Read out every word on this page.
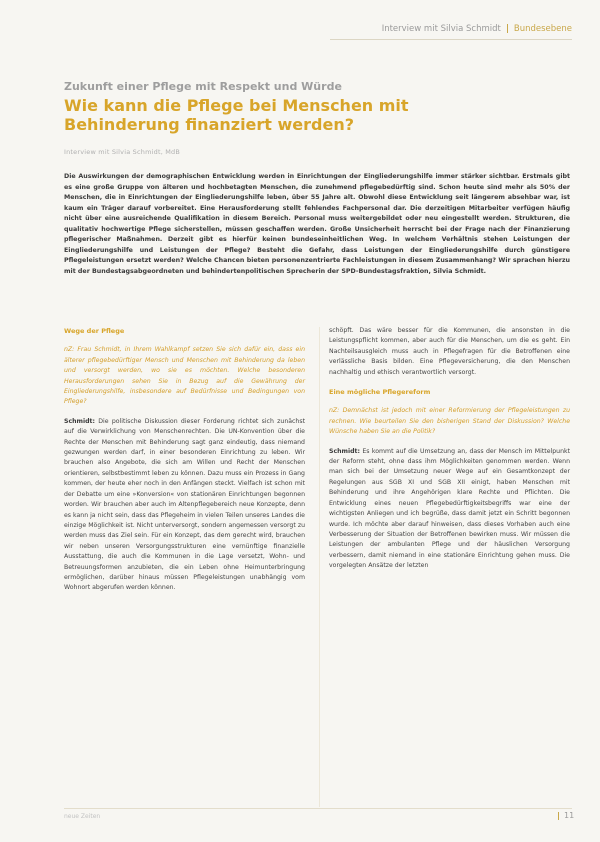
Interview mit Silvia Schmidt Bundesebene
Zukunft einer Pflege mit Respekt und Würde
Wie kann die Pflege bei Menschen mit Behinderung finanziert werden?
Interview mit Silvia Schmidt, MdB
Die Auswirkungen der demographischen Entwicklung werden in Einrichtungen der Eingliederungshilfe immer stärker sichtbar. Erstmals gibt es eine große Gruppe von älteren und hochbetagten Menschen, die zunehmend pflegebedürftig sind. Schon heute sind mehr als 50% der Menschen, die in Einrichtungen der Eingliederungshilfe leben, über 55 Jahre alt. Obwohl diese Entwicklung seit längerem absehbar war, ist kaum ein Träger darauf vorbereitet. Eine Herausforderung stellt fehlendes Fachpersonal dar. Die derzeitigen Mitarbeiter verfügen häufig nicht über eine ausreichende Qualifikation in diesem Bereich. Personal muss weitergebildet oder neu eingestellt werden. Strukturen, die qualitativ hochwertige Pflege sicherstellen, müssen geschaffen werden. Große Unsicherheit herrscht bei der Frage nach der Finanzierung pflegerischer Maßnahmen. Derzeit gibt es hierfür keinen bundeseinheitlichen Weg. In welchem Verhältnis stehen Leistungen der Eingliederungshilfe und Leistungen der Pflege? Besteht die Gefahr, dass Leistungen der Eingliederungshilfe durch günstigere Pflegeleistungen ersetzt werden? Welche Chancen bieten personenzentrierte Fachleistungen in diesem Zusammenhang? Wir sprachen hierzu mit der Bundestagsabgeordneten und behindertenpolitischen Sprecherin der SPD-Bundestagsfraktion, Silvia Schmidt.
Wege der Pflege

nZ: Frau Schmidt, in Ihrem Wahlkampf setzen Sie sich dafür ein, dass ein älterer pflegebedürftiger Mensch und Menschen mit Behinderung da leben und versorgt werden, wo sie es möchten. Welche besonderen Herausforderungen sehen Sie in Bezug auf die Gewährung der Eingliederungshilfe, insbesondere auf Bedürfnisse und Bedingungen von Pflege?

Schmidt: Die politische Diskussion dieser Forderung richtet sich zunächst auf die Verwirklichung von Menschenrechten. Die UN-Konvention über die Rechte der Menschen mit Behinderung sagt ganz eindeutig, dass niemand gezwungen werden darf, in einer besonderen Einrichtung zu leben. Wir brauchen also Angebote, die sich am Willen und Recht der Menschen orientieren, selbstbestimmt leben zu können. Dazu muss ein Prozess in Gang kommen, der heute eher noch in den Anfängen steckt. Vielfach ist schon mit der Debatte um eine »Konversion« von stationären Einrichtungen begonnen worden. Wir brauchen aber auch im Altenpflegebereich neue Konzepte, denn es kann ja nicht sein, dass das Pflegeheim in vielen Teilen unseres Landes die einzige Möglichkeit ist. Nicht unterversorgt, sondern angemessen versorgt zu werden muss das Ziel sein. Für ein Konzept, das dem gerecht wird, brauchen wir neben unseren Versorgungsstrukturen eine vernünftige finanzielle Ausstattung, die auch die Kommunen in die Lage versetzt, Wohn- und Betreuungsformen anzubieten, die ein Leben ohne Heimunterbringung ermöglichen, darüber hinaus müssen Pflegeleistungen unabhängig vom Wohnort abgerufen werden können.

schöpft. Das wäre besser für die Kommunen, die ansonsten in die Leistungspflicht kommen, aber auch für die Menschen, um die es geht. Ein Nachteilsausgleich muss auch in Pflegefragen für die Betroffenen eine verlässliche Basis bilden. Eine Pflegeversicherung, die den Menschen nachhaltig und ethisch verantwortlich versorgt.

Eine mögliche Pflegereform

nZ: Demnächst ist jedoch mit einer Reformierung der Pflegeleistungen zu rechnen. Wie beurteilen Sie den bisherigen Stand der Diskussion? Welche Wünsche haben Sie an die Politik?

Schmidt: Es kommt auf die Umsetzung an, dass der Mensch im Mittelpunkt der Reform steht, ohne dass ihm Möglichkeiten genommen werden. Wenn man sich bei der Umsetzung neuer Wege auf ein Gesamtkonzept der Regelungen aus SGB XI und SGB XII einigt, haben Menschen mit Behinderung und ihre Angehörigen klare Rechte und Pflichten. Die Entwicklung eines neuen Pflegebedürftigkeitsbegriffs war eine der wichtigsten Anliegen und ich begrüße, dass damit jetzt ein Schritt begonnen wurde. Ich möchte aber darauf hinweisen, dass dieses Vorhaben auch eine Verbesserung der Situation der Betroffenen bewirken muss. Wir müssen die Leistungen der ambulanten Pflege und der häuslichen Versorgung verbessern, damit niemand in eine stationäre Einrichtung gehen muss. Die vorgelegten Ansätze der letzten

neue Zeiten	11
